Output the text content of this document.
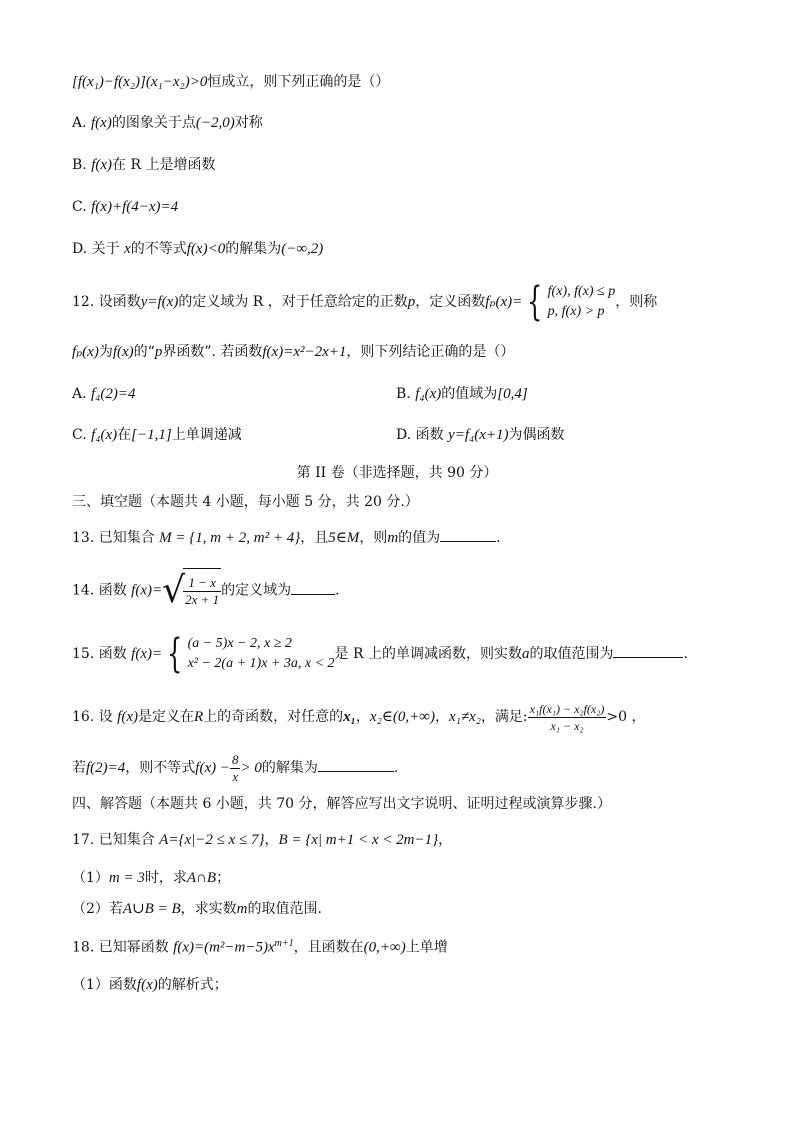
[f(x₁)−f(x₂)](x₁−x₂)>0恒成立，则下列正确的是（）
A. f(x)的图象关于点(−2,0)对称
B. f(x)在 R 上是增函数
C. f(x)+f(4−x)=4
D. 关于 x的不等式f(x)<0的解集为(−∞,2)
12. 设函数y=f(x)的定义域为 R ，对于任意给定的正数p，定义函数fₚ(x)= { f(x), f(x) ≤ p
p, f(x) > p
，则称
fₚ(x)为f(x)的“p界函数”. 若函数f(x)=x²−2x+1，则下列结论正确的是（）
A. f₄(2)=4	B. f₄(x)的值域为[0,4]
C. f₄(x)在[−1,1]上单调递减	D. 函数 y=f₄(x+1)为偶函数
第 II 卷（非选择题，共 90 分）
三、填空题（本题共 4 小题，每小题 5 分，共 20 分.）
13. 已知集合 M = {1, m + 2, m² + 4}，且5∈M，则m的值为	.
14. 函数 f(x)=√
$\frac{1 - x}{2x + 1}$ 的定义域为	.
15. 函数 f(x)= { (a − 5)x − 2, x ≥ 2
x² − 2(a + 1)x + 3a, x < 2
是 R 上的单调减函数，则实数a的取值范围为	.
16. 设 f(x)是定义在R上的奇函数，对任意的x₁，x₂∈(0,+∞)，x₁≠x₂，满足: $\frac{\text{x₁f(x₁) − x₂f(x₂)}}{\text{x₁ − x₂}} >0$ ，
若f(2)=4，则不等式$f(x) - \frac{8}{x} > 0$的解集为	.
四、解答题（本题共 6 小题，共 70 分，解答应写出文字说明、证明过程或演算步骤.）
17. 已知集合 A={x|−2 ≤ x ≤ 7}，B = {x| m+1 < x < 2m−1}，
（1）m = 3时，求A∩B；
（2）若A∪B = B，求实数m的取值范围.
18. 已知幂函数 $f(x)=(m^2-m-5)x^{m+1}$，且函数在(0,+∞)上单增
（1）函数f(x)的解析式；
